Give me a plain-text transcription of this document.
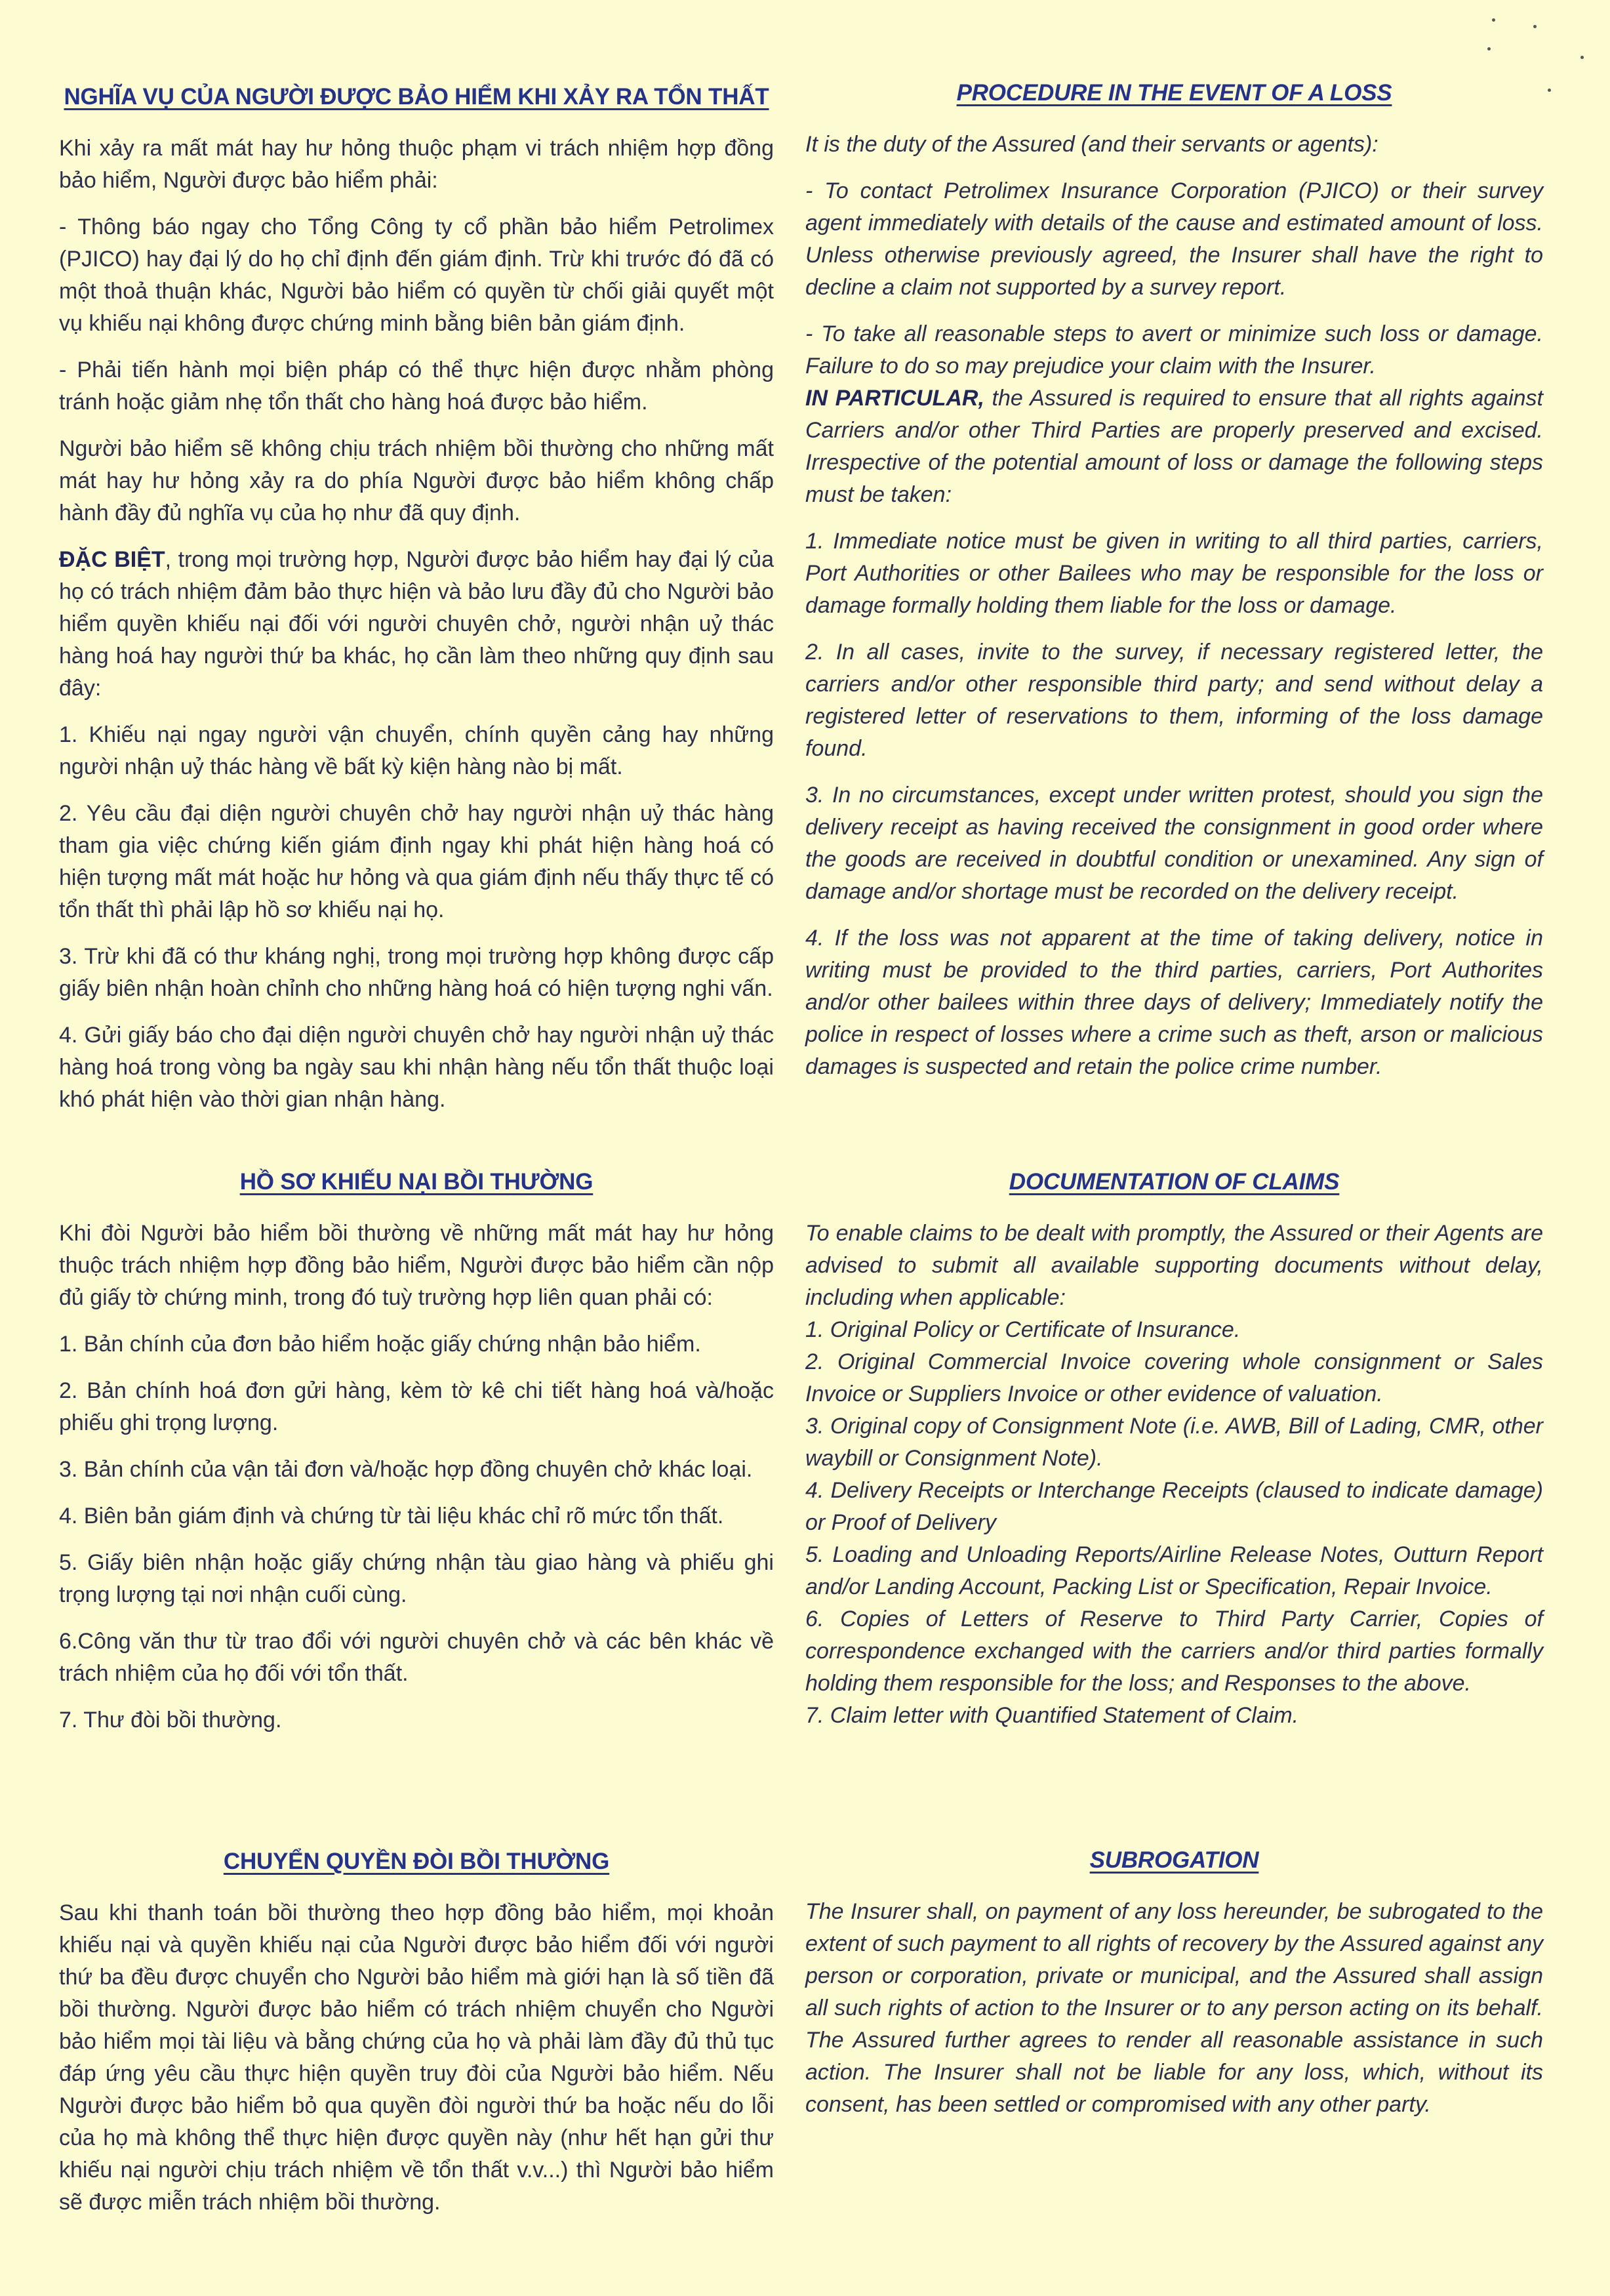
NGHĨA VỤ CỦA NGƯỜI ĐƯỢC BẢO HIỂM KHI XẢY RA TỔN THẤT

Khi xảy ra mất mát hay hư hỏng thuộc phạm vi trách nhiệm hợp đồng bảo hiểm, Người được bảo hiểm phải:

- Thông báo ngay cho Tổng Công ty cổ phần bảo hiểm Petrolimex (PJICO) hay đại lý do họ chỉ định đến giám định. Trừ khi trước đó đã có một thoả thuận khác, Người bảo hiểm có quyền từ chối giải quyết một vụ khiếu nại không được chứng minh bằng biên bản giám định.

- Phải tiến hành mọi biện pháp có thể thực hiện được nhằm phòng tránh hoặc giảm nhẹ tổn thất cho hàng hoá được bảo hiểm.

Người bảo hiểm sẽ không chịu trách nhiệm bồi thường cho những mất mát hay hư hỏng xảy ra do phía Người được bảo hiểm không chấp hành đầy đủ nghĩa vụ của họ như đã quy định.

ĐẶC BIỆT, trong mọi trường hợp, Người được bảo hiểm hay đại lý của họ có trách nhiệm đảm bảo thực hiện và bảo lưu đầy đủ cho Người bảo hiểm quyền khiếu nại đối với người chuyên chở, người nhận uỷ thác hàng hoá hay người thứ ba khác, họ cần làm theo những quy định sau đây:

1. Khiếu nại ngay người vận chuyển, chính quyền cảng hay những người nhận uỷ thác hàng về bất kỳ kiện hàng nào bị mất.

2. Yêu cầu đại diện người chuyên chở hay người nhận uỷ thác hàng tham gia việc chứng kiến giám định ngay khi phát hiện hàng hoá có hiện tượng mất mát hoặc hư hỏng và qua giám định nếu thấy thực tế có tổn thất thì phải lập hồ sơ khiếu nại họ.

3. Trừ khi đã có thư kháng nghị, trong mọi trường hợp không được cấp giấy biên nhận hoàn chỉnh cho những hàng hoá có hiện tượng nghi vấn.

4. Gửi giấy báo cho đại diện người chuyên chở hay người nhận uỷ thác hàng hoá trong vòng ba ngày sau khi nhận hàng nếu tổn thất thuộc loại khó phát hiện vào thời gian nhận hàng.

HỒ SƠ KHIẾU NẠI BỒI THƯỜNG

Khi đòi Người bảo hiểm bồi thường về những mất mát hay hư hỏng thuộc trách nhiệm hợp đồng bảo hiểm, Người được bảo hiểm cần nộp đủ giấy tờ chứng minh, trong đó tuỳ trường hợp liên quan phải có:

1. Bản chính của đơn bảo hiểm hoặc giấy chứng nhận bảo hiểm.

2. Bản chính hoá đơn gửi hàng, kèm tờ kê chi tiết hàng hoá và/hoặc phiếu ghi trọng lượng.

3. Bản chính của vận tải đơn và/hoặc hợp đồng chuyên chở khác loại.

4. Biên bản giám định và chứng từ tài liệu khác chỉ rõ mức tổn thất.

5. Giấy biên nhận hoặc giấy chứng nhận tàu giao hàng và phiếu ghi trọng lượng tại nơi nhận cuối cùng.

6.Công văn thư từ trao đổi với người chuyên chở và các bên khác về trách nhiệm của họ đối với tổn thất.

7. Thư đòi bồi thường.

CHUYỂN QUYỀN ĐÒI BỒI THƯỜNG

Sau khi thanh toán bồi thường theo hợp đồng bảo hiểm, mọi khoản khiếu nại và quyền khiếu nại của Người được bảo hiểm đối với người thứ ba đều được chuyển cho Người bảo hiểm mà giới hạn là số tiền đã bồi thường. Người được bảo hiểm có trách nhiệm chuyển cho Người bảo hiểm mọi tài liệu và bằng chứng của họ và phải làm đầy đủ thủ tục đáp ứng yêu cầu thực hiện quyền truy đòi của Người bảo hiểm. Nếu Người được bảo hiểm bỏ qua quyền đòi người thứ ba hoặc nếu do lỗi của họ mà không thể thực hiện được quyền này (như hết hạn gửi thư khiếu nại người chịu trách nhiệm về tổn thất v.v...) thì Người bảo hiểm sẽ được miễn trách nhiệm bồi thường.

PROCEDURE IN THE EVENT OF A LOSS

It is the duty of the Assured (and their servants or agents):

- To contact Petrolimex Insurance Corporation (PJICO) or their survey agent immediately with details of the cause and estimated amount of loss. Unless otherwise previously agreed, the Insurer shall have the right to decline a claim not supported by a survey report.

- To take all reasonable steps to avert or minimize such loss or damage. Failure to do so may prejudice your claim with the Insurer.

IN PARTICULAR, the Assured is required to ensure that all rights against Carriers and/or other Third Parties are properly preserved and excised. Irrespective of the potential amount of loss or damage the following steps must be taken:

1. Immediate notice must be given in writing to all third parties, carriers, Port Authorities or other Bailees who may be responsible for the loss or damage formally holding them liable for the loss or damage.

2. In all cases, invite to the survey, if necessary registered letter, the carriers and/or other responsible third party; and send without delay a registered letter of reservations to them, informing of the loss damage found.

3. In no circumstances, except under written protest, should you sign the delivery receipt as having received the consignment in good order where the goods are received in doubtful condition or unexamined. Any sign of damage and/or shortage must be recorded on the delivery receipt.

4. If the loss was not apparent at the time of taking delivery, notice in writing must be provided to the third parties, carriers, Port Authorites and/or other bailees within three days of delivery; Immediately notify the police in respect of losses where a crime such as theft, arson or malicious damages is suspected and retain the police crime number.

DOCUMENTATION OF CLAIMS

To enable claims to be dealt with promptly, the Assured or their Agents are advised to submit all available supporting documents without delay, including when applicable:

1. Original Policy or Certificate of Insurance.

2. Original Commercial Invoice covering whole consignment or Sales Invoice or Suppliers Invoice or other evidence of valuation.

3. Original copy of Consignment Note (i.e. AWB, Bill of Lading, CMR, other waybill or Consignment Note).

4. Delivery Receipts or Interchange Receipts (claused to indicate damage) or Proof of Delivery

5. Loading and Unloading Reports/Airline Release Notes, Outturn Report and/or Landing Account, Packing List or Specification, Repair Invoice.

6. Copies of Letters of Reserve to Third Party Carrier, Copies of correspondence exchanged with the carriers and/or third parties formally holding them responsible for the loss; and Responses to the above.

7. Claim letter with Quantified Statement of Claim.

SUBROGATION

The Insurer shall, on payment of any loss hereunder, be subrogated to the extent of such payment to all rights of recovery by the Assured against any person or corporation, private or municipal, and the Assured shall assign all such rights of action to the Insurer or to any person acting on its behalf. The Assured further agrees to render all reasonable assistance in such action. The Insurer shall not be liable for any loss, which, without its consent, has been settled or compromised with any other party.
